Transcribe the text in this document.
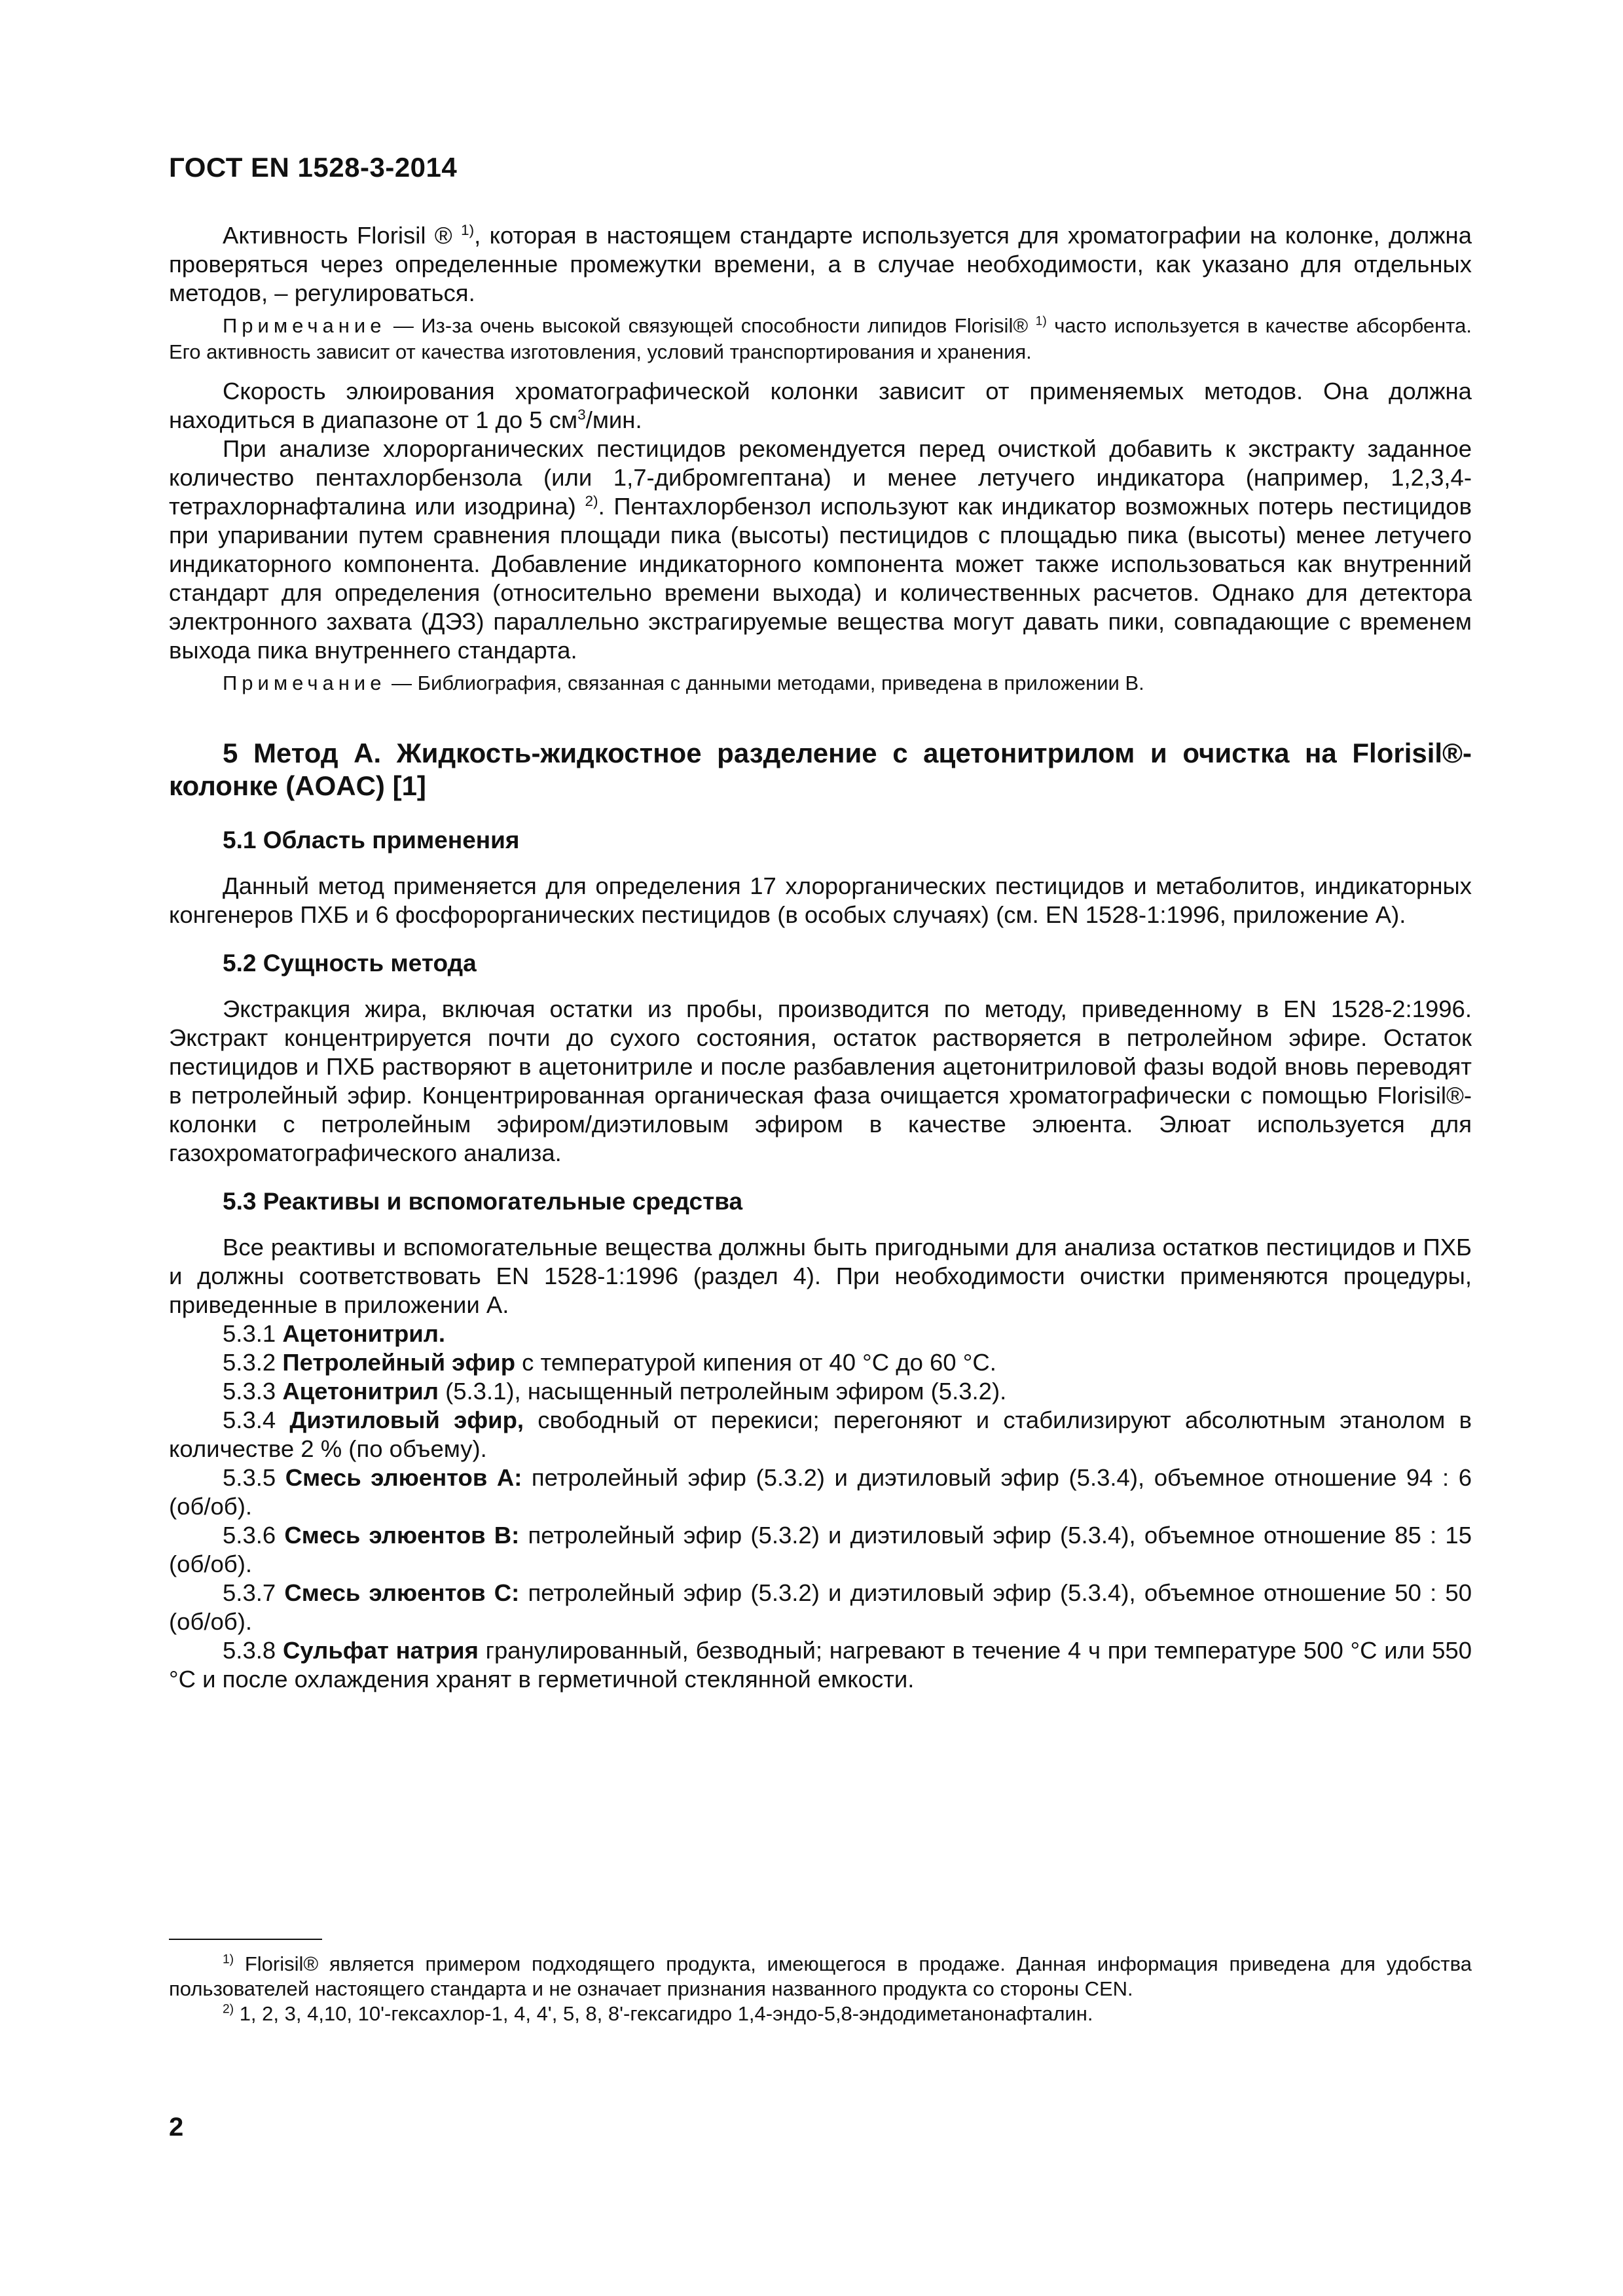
ГОСТ EN 1528-3-2014

Активность Florisil ® $^{1)}$, которая в настоящем стандарте используется для хроматографии на колонке, должна проверяться через определенные промежутки времени, а в случае необходимости, как указано для отдельных методов, – регулироваться.

Примечание — Из-за очень высокой связующей способности липидов Florisil® $^{1)}$ часто используется в качестве абсорбента. Его активность зависит от качества изготовления, условий транспортирования и хранения.

Скорость элюирования хроматографической колонки зависит от применяемых методов. Она должна находиться в диапазоне от 1 до 5 $см^3$/мин.

При анализе хлорорганических пестицидов рекомендуется перед очисткой добавить к экстракту заданное количество пентахлорбензола (или 1,7-дибромгептана) и менее летучего индикатора (например, 1,2,3,4-тетрахлорнафталина или изодрина) $^{2)}$. Пентахлорбензол используют как индикатор возможных потерь пестицидов при упаривании путем сравнения площади пика (высоты) пестицидов с площадью пика (высоты) менее летучего индикаторного компонента. Добавление индикаторного компонента может также использоваться как внутренний стандарт для определения (относительно времени выхода) и количественных расчетов. Однако для детектора электронного захвата (ДЭЗ) параллельно экстрагируемые вещества могут давать пики, совпадающие с временем выхода пика внутреннего стандарта.

Примечание — Библиография, связанная с данными методами, приведена в приложении В.

5 Метод А. Жидкость-жидкостное разделение с ацетонитрилом и очистка на Florisil®-колонке (AOAC) [1]

5.1 Область применения

Данный метод применяется для определения 17 хлорорганических пестицидов и метаболитов, индикаторных конгенеров ПХБ и 6 фосфорорганических пестицидов (в особых случаях) (см. EN 1528-1:1996, приложение А).

5.2 Сущность метода

Экстракция жира, включая остатки из пробы, производится по методу, приведенному в EN 1528-2:1996. Экстракт концентрируется почти до сухого состояния, остаток растворяется в петролейном эфире. Остаток пестицидов и ПХБ растворяют в ацетонитриле и после разбавления ацетонитриловой фазы водой вновь переводят в петролейный эфир. Концентрированная органическая фаза очищается хроматографически с помощью Florisil®-колонки с петролейным эфиром/диэтиловым эфиром в качестве элюента. Элюат используется для газохроматографического анализа.

5.3 Реактивы и вспомогательные средства

Все реактивы и вспомогательные вещества должны быть пригодными для анализа остатков пестицидов и ПХБ и должны соответствовать EN 1528-1:1996 (раздел 4). При необходимости очистки применяются процедуры, приведенные в приложении А.

5.3.1 Ацетонитрил.

5.3.2 Петролейный эфир с температурой кипения от 40 °С до 60 °С.

5.3.3 Ацетонитрил (5.3.1), насыщенный петролейным эфиром (5.3.2).

5.3.4 Диэтиловый эфир, свободный от перекиси; перегоняют и стабилизируют абсолютным этанолом в количестве 2 % (по объему).

5.3.5 Смесь элюентов А: петролейный эфир (5.3.2) и диэтиловый эфир (5.3.4), объемное отношение 94 : 6 (об/об).

5.3.6 Смесь элюентов В: петролейный эфир (5.3.2) и диэтиловый эфир (5.3.4), объемное отношение 85 : 15 (об/об).

5.3.7 Смесь элюентов С: петролейный эфир (5.3.2) и диэтиловый эфир (5.3.4), объемное отношение 50 : 50 (об/об).

5.3.8 Сульфат натрия гранулированный, безводный; нагревают в течение 4 ч при температуре 500 °С или 550 °С и после охлаждения хранят в герметичной стеклянной емкости.

$^{1)}$ Florisil® является примером подходящего продукта, имеющегося в продаже. Данная информация приведена для удобства пользователей настоящего стандарта и не означает признания названного продукта со стороны CEN.

$^{2)}$ 1, 2, 3, 4,10, 10'-гексахлор-1, 4, 4', 5, 8, 8'-гексагидро 1,4-эндо-5,8-эндодиметанонафталин.

2
